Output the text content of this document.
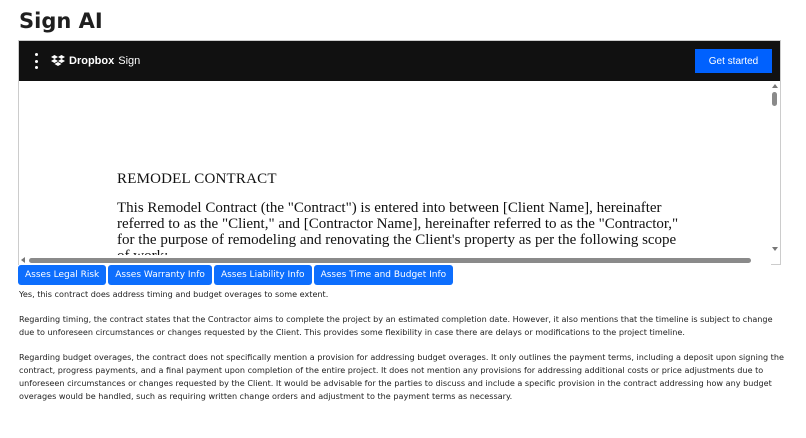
Sign AI
Dropbox Sign	Get started
REMODEL CONTRACT
This Remodel Contract (the "Contract") is entered into between [Client Name], hereinafter referred to as the "Client," and [Contractor Name], hereinafter referred to as the "Contractor," for the purpose of remodeling and renovating the Client's property as per the following scope
Asses Legal Risk	Asses Warranty Info	Asses Liability Info	Asses Time and Budget Info

Yes, this contract does address timing and budget overages to some extent.

Regarding timing, the contract states that the Contractor aims to complete the project by an estimated completion date. However, it also mentions that the timeline is subject to change due to unforeseen circumstances or changes requested by the Client. This provides some flexibility in case there are delays or modifications to the project timeline.

Regarding budget overages, the contract does not specifically mention a provision for addressing budget overages. It only outlines the payment terms, including a deposit upon signing the contract, progress payments, and a final payment upon completion of the entire project. It does not mention any provisions for addressing additional costs or price adjustments due to unforeseen circumstances or changes requested by the Client. It would be advisable for the parties to discuss and include a specific provision in the contract addressing how any budget overages would be handled, such as requiring written change orders and adjustment to the payment terms as necessary.
